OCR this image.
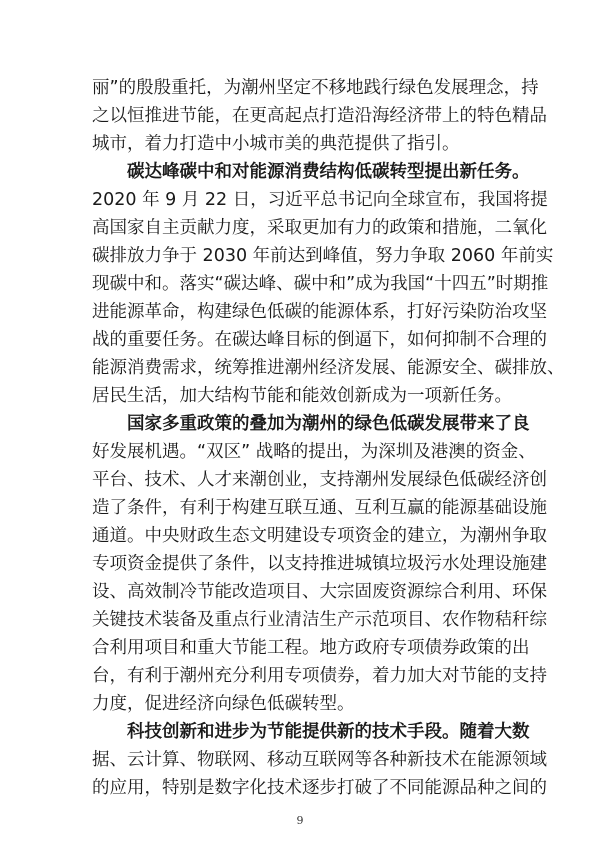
丽”的殷殷重托，为潮州坚定不移地践行绿色发展理念，持
之以恒推进节能，在更高起点打造沿海经济带上的特色精品
城市，着力打造中小城市美的典范提供了指引。
碳达峰碳中和对能源消费结构低碳转型提出新任务。
2020 年 9 月 22 日，习近平总书记向全球宣布，我国将提
高国家自主贡献力度，采取更加有力的政策和措施，二氧化
碳排放力争于 2030 年前达到峰值，努力争取 2060 年前实
现碳中和。落实“碳达峰、碳中和”成为我国“十四五”时期推
进能源革命，构建绿色低碳的能源体系，打好污染防治攻坚
战的重要任务。在碳达峰目标的倒逼下，如何抑制不合理的
能源消费需求，统筹推进潮州经济发展、能源安全、碳排放、
居民生活，加大结构节能和能效创新成为一项新任务。
国家多重政策的叠加为潮州的绿色低碳发展带来了良
好发展机遇。“双区” 战略的提出，为深圳及港澳的资金、
平台、技术、人才来潮创业，支持潮州发展绿色低碳经济创
造了条件，有利于构建互联互通、互利互赢的能源基础设施
通道。中央财政生态文明建设专项资金的建立，为潮州争取
专项资金提供了条件，以支持推进城镇垃圾污水处理设施建
设、高效制冷节能改造项目、大宗固废资源综合利用、环保
关键技术装备及重点行业清洁生产示范项目、农作物秸秆综
合利用项目和重大节能工程。地方政府专项债券政策的出
台，有利于潮州充分利用专项债券，着力加大对节能的支持
力度，促进经济向绿色低碳转型。
科技创新和进步为节能提供新的技术手段。随着大数
据、云计算、物联网、移动互联网等各种新技术在能源领域
的应用，特别是数字化技术逐步打破了不同能源品种之间的
9
